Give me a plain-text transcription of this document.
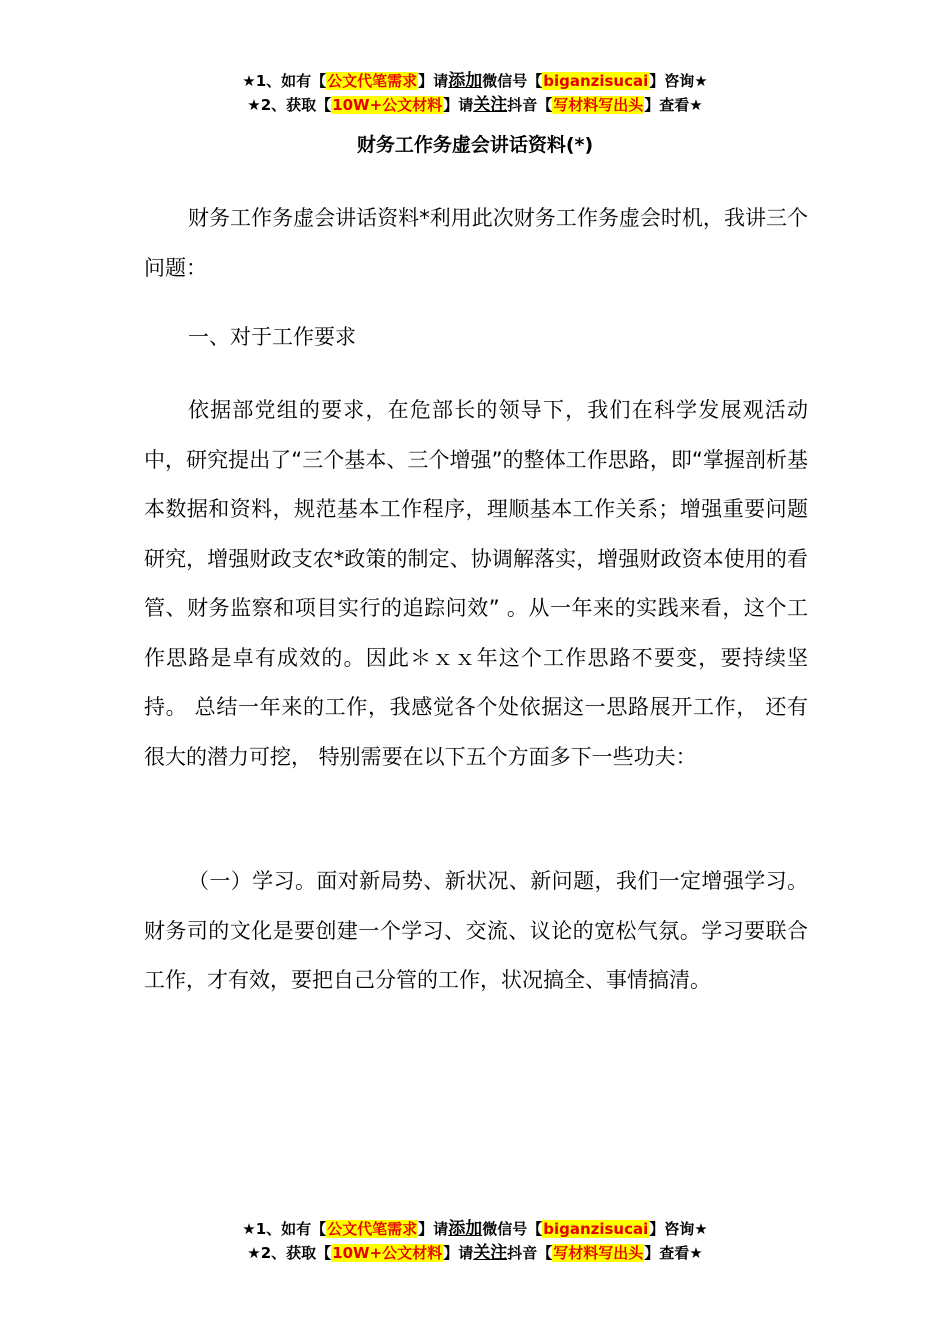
★1、如有【公文代笔需求】请添加微信号【biganzisucai】咨询★
★2、获取【10W+公文材料】请关注抖音【写材料写出头】查看★
财务工作务虚会讲话资料(*)

财务工作务虚会讲话资料*利用此次财务工作务虚会时机，我讲三个问题：

一、对于工作要求

依据部党组的要求，在危部长的领导下，我们在科学发展观活动中，研究提出了“三个基本、三个增强”的整体工作思路，即“掌握剖析基本数据和资料，规范基本工作程序，理顺基本工作关系；增强重要问题研究，增强财政支农*政策的制定、协调解落实，增强财政资本使用的看管、财务监察和项目实行的追踪问效” 。从一年来的实践来看，这个工作思路是卓有成效的。因此＊ｘｘ年这个工作思路不要变，要持续坚持。 总结一年来的工作，我感觉各个处依据这一思路展开工作， 还有很大的潜力可挖， 特别需要在以下五个方面多下一些功夫：

（一）学习。面对新局势、新状况、新问题，我们一定增强学习。财务司的文化是要创建一个学习、交流、议论的宽松气氛。学习要联合工作，才有效，要把自己分管的工作，状况搞全、事情搞清。

★1、如有【公文代笔需求】请添加微信号【biganzisucai】咨询★
★2、获取【10W+公文材料】请关注抖音【写材料写出头】查看★
